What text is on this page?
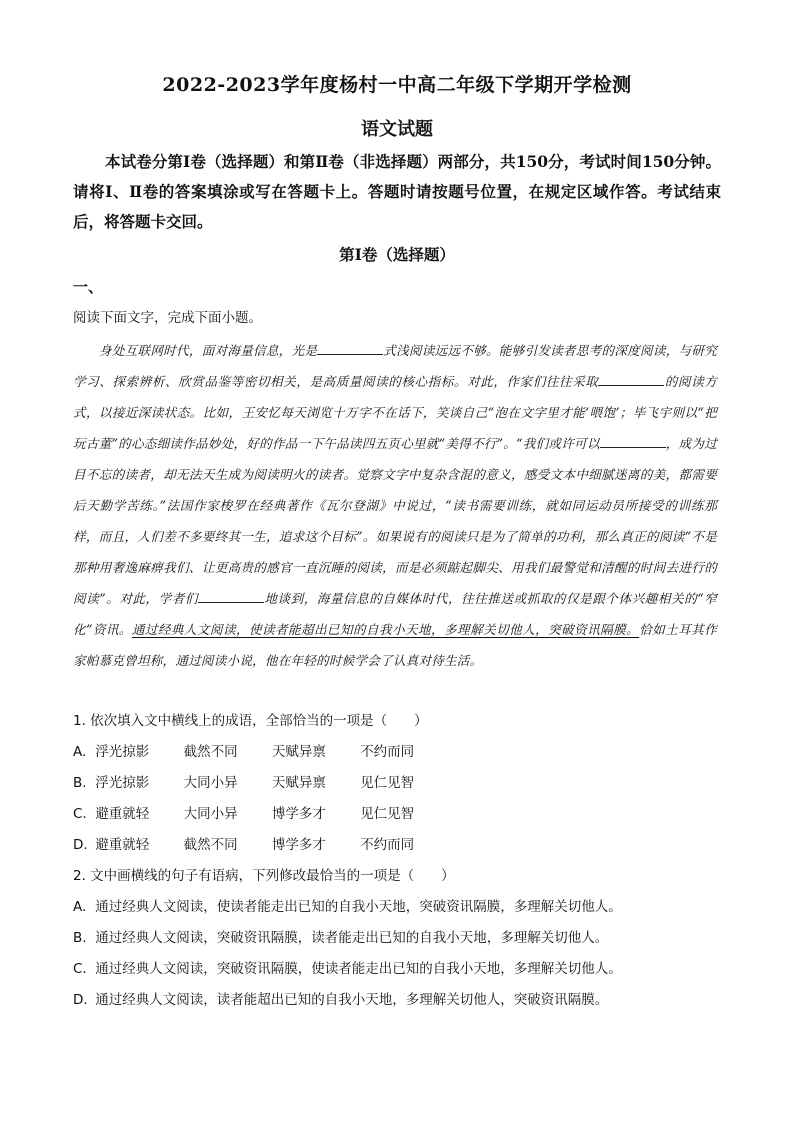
2022-2023学年度杨村一中高二年级下学期开学检测
语文试题
本试卷分第Ⅰ卷（选择题）和第Ⅱ卷（非选择题）两部分，共150分，考试时间150分钟。请将Ⅰ、Ⅱ卷的答案填涂或写在答题卡上。答题时请按题号位置，在规定区域作答。考试结束后，将答题卡交回。
第Ⅰ卷（选择题）
一、
阅读下面文字，完成下面小题。
身处互联网时代，面对海量信息，光是	式浅阅读远远不够。能够引发读者思考的深度阅读，与研究学习、探索辨析、欣赏品鉴等密切相关，是高质量阅读的核心指标。对此，作家们往往采取	的阅读方式，以接近深读状态。比如，王安忆每天浏览十万字不在话下，笑谈自己“泡在文字里才能‘喂饱’；毕飞宇则以“把玩古董”的心态细读作品妙处，好的作品一下午品读四五页心里就“美得不行”。“我们或许可以	，成为过目不忘的读者，却无法天生成为阅读明火的读者。觉察文字中复杂含混的意义，感受文本中细腻迷离的美，都需要后天勤学苦练。”法国作家梭罗在经典著作《瓦尔登湖》中说过，“读书需要训练，就如同运动员所接受的训练那样，而且，人们差不多要终其一生，追求这个目标”。如果说有的阅读只是为了简单的功利，那么真正的阅读“不是那种用奢逸麻痹我们、让更高贵的感官一直沉睡的阅读，而是必须踮起脚尖、用我们最警觉和清醒的时间去进行的阅读”。对此，学者们	地谈到，海量信息的自媒体时代，往往推送或抓取的仅是跟个体兴趣相关的“窄化”资讯。通过经典人文阅读，使读者能超出已知的自我小天地，多理解关切他人，突破资讯隔膜。恰如土耳其作家帕慕克曾坦称，通过阅读小说，他在年轻的时候学会了认真对待生活。
1. 依次填入文中横线上的成语，全部恰当的一项是（　　）
A. 浮光掠影	截然不同	天赋异禀	不约而同
B. 浮光掠影	大同小异	天赋异禀	见仁见智
C. 避重就轻	大同小异	博学多才	见仁见智
D. 避重就轻	截然不同	博学多才	不约而同
2. 文中画横线的句子有语病，下列修改最恰当的一项是（　　）
A. 通过经典人文阅读，使读者能走出已知的自我小天地，突破资讯隔膜，多理解关切他人。
B. 通过经典人文阅读，突破资讯隔膜，读者能走出已知的自我小天地，多理解关切他人。
C. 通过经典人文阅读，突破资讯隔膜，使读者能走出已知的自我小天地，多理解关切他人。
D. 通过经典人文阅读，读者能超出已知的自我小天地，多理解关切他人，突破资讯隔膜。
